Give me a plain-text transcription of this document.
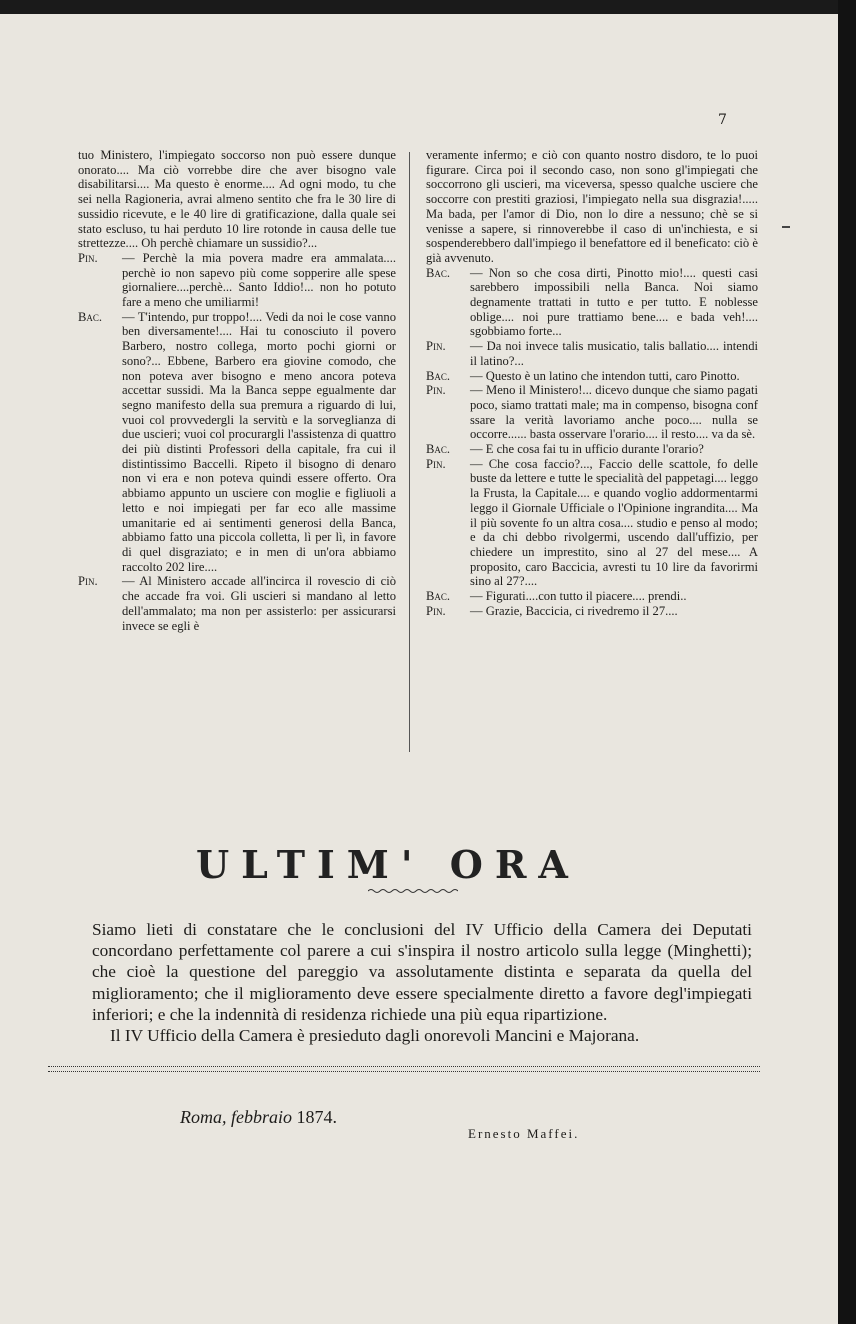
7

tuo Ministero, l'impiegato soccorso non può essere dunque onorato.... Ma ciò vorrebbe dire che aver bisogno vale disabilitarsi.... Ma questo è enorme.... Ad ogni modo, tu che sei nella Ragioneria, avrai almeno sentito che fra le 30 lire di sussidio ricevute, e le 40 lire di gratificazione, dalla quale sei stato escluso, tu hai perduto 10 lire rotonde in causa delle tue strettezze.... Oh perchè chiamare un sussidio?...

Pin. — Perchè la mia povera madre era ammalata.... perchè io non sapevo più come sopperire alle spese giornaliere....perchè... Santo Iddio!... non ho potuto fare a meno che umiliarmi!

Bac. — T'intendo, pur troppo!.... Vedi da noi le cose vanno ben diversamente!.... Hai tu conosciuto il povero Barbero, nostro collega, morto pochi giorni or sono?... Ebbene, Barbero era giovine comodo, che non poteva aver bisogno e meno ancora poteva accettar sussidi. Ma la Banca seppe egualmente dar segno manifesto della sua premura a riguardo di lui, vuoi col provvedergli la servitù e la sorveglianza di due uscieri; vuoi col procurargli l'assistenza di quattro dei più distinti Professori della capitale, fra cui il distintissimo Baccelli. Ripeto il bisogno di denaro non vi era e non poteva quindi essere offerto. Ora abbiamo appunto un usciere con moglie e figliuoli a letto e noi impiegati per far eco alle massime umanitarie ed ai sentimenti generosi della Banca, abbiamo fatto una piccola colletta, lì per lì, in favore di quel disgraziato; e in men di un'ora abbiamo raccolto 202 lire....

Pin. — Al Ministero accade all'incirca il rovescio di ciò che accade fra voi. Gli uscieri si mandano al letto dell'ammalato; ma non per assisterlo: per assicurarsi invece se egli è

veramente infermo; e ciò con quanto nostro disdoro, te lo puoi figurare. Circa poi il secondo caso, non sono gl'impiegati che soccorrono gli uscieri, ma viceversa, spesso qualche usciere che soccorre con prestiti graziosi, l'impiegato nella sua disgrazia!..... Ma bada, per l'amor di Dio, non lo dire a nessuno; chè se si venisse a sapere, si rinnoverebbe il caso di un'inchiesta, e si sospenderebbero dall'impiego il benefattore ed il beneficato: ciò è già avvenuto.

Bac. — Non so che cosa dirti, Pinotto mio!.... questi casi sarebbero impossibili nella Banca. Noi siamo degnamente trattati in tutto e per tutto. E noblesse oblige.... noi pure trattiamo bene.... e bada veh!.... sgobbiamo forte...

Pin. — Da noi invece talis musicatio, talis ballatio.... intendi il latino?...

Bac. — Questo è un latino che intendon tutti, caro Pinotto.

Pin. — Meno il Ministero!... dicevo dunque che siamo pagati poco, siamo trattati male; ma in compenso, bisogna conf ssare la verità lavoriamo anche poco.... nulla se occorre...... basta osservare l'orario.... il resto.... va da sè.

Bac. — E che cosa fai tu in ufficio durante l'orario?

Pin. — Che cosa faccio?..., Faccio delle scattole, fo delle buste da lettere e tutte le specialità del pappetagi.... leggo la Frusta, la Capitale.... e quando voglio addormentarmi leggo il Giornale Ufficiale o l'Opinione ingrandita.... Ma il più sovente fo un altra cosa.... studio e penso al modo; e da chi debbo rivolgermi, uscendo dall'uffizio, per chiedere un imprestito, sino al 27 del mese.... A proposito, caro Baccicia, avresti tu 10 lire da favorirmi sino al 27?....

Bac. — Figurati....con tutto il piacere.... prendi..

Pin. — Grazie, Baccicia, ci rivedremo il 27....

ULTIM' ORA

Siamo lieti di constatare che le conclusioni del IV Ufficio della Camera dei Deputati concordano perfettamente col parere a cui s'inspira il nostro articolo sulla legge (Minghetti); che cioè la questione del pareggio va assolutamente distinta e separata da quella del miglioramento; che il miglioramento deve essere specialmente diretto a favore degl'impiegati inferiori; e che la indennità di residenza richiede una più equa ripartizione.

Il IV Ufficio della Camera è presieduto dagli onorevoli Mancini e Majorana.

Roma, febbraio 1874.
Ernesto Maffei.
